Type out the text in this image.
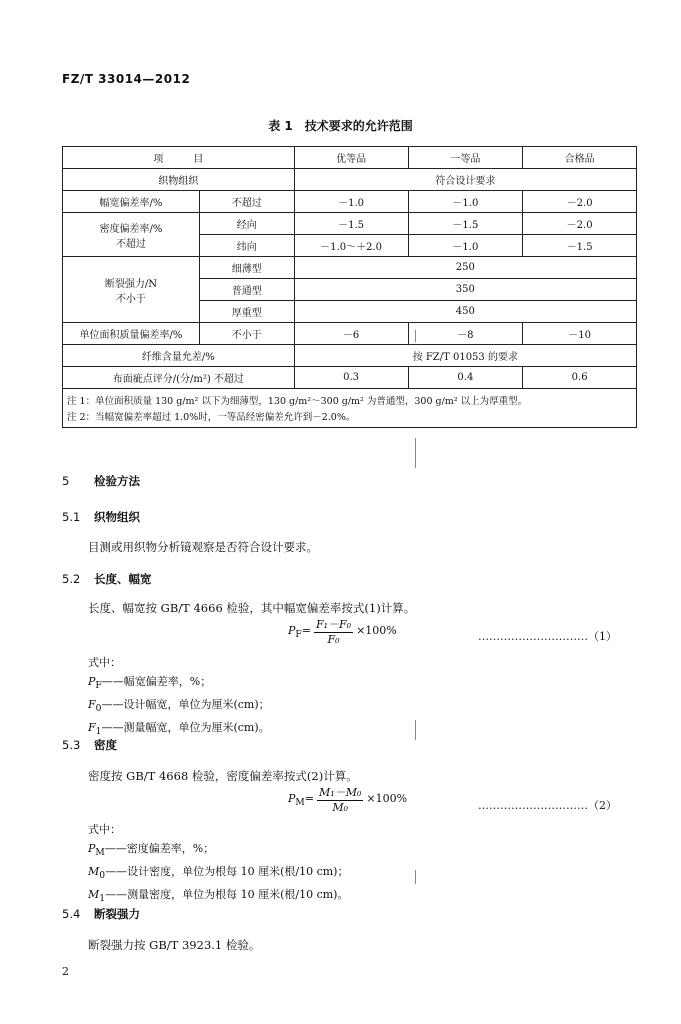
FZ/T 33014—2012
表 1　技术要求的允许范围
项　　　目		优等品	一等品	合格品
织物组织		符合设计要求		
幅宽偏差率/%	不超过	－1.0	－1.0	－2.0

密度偏差率/%
不超过	经向	－1.5	－1.5	－2.0
	纬向	－1.0～＋2.0	－1.0	－1.5

断裂强力/N
不小于	细薄型	250		
	普通型	350		
	厚重型	450		
单位面积质量偏差率/%	不小于	－6	－8	－10
纤维含量允差/%		按 FZ/T 01053 的要求		
布面疵点评分/(分/m²) 不超过		0.3	0.4	0.6
注 1：单位面积质量 130 g/m² 以下为细薄型，130 g/m²～300 g/m² 为普通型，300 g/m² 以上为厚重型。				
注 2：当幅宽偏差率超过 1.0%时，一等品经密偏差允许到－2.0%。				
5 检验方法
5.1 织物组织
目测或用织物分析镜观察是否符合设计要求。
5.2 长度、幅宽
长度、幅宽按 GB/T 4666 检验，其中幅宽偏差率按式(1)计算。
$P_F= \frac{\text{F₁－F₀}}{\text{F₀}} \times 100\%$	…………………………（1）
式中：
$P_F——$幅宽偏差率，%；
$F_0——$设计幅宽，单位为厘米(cm)；
$F_1——$测量幅宽，单位为厘米(cm)。
5.3 密度
密度按 GB/T 4668 检验，密度偏差率按式(2)计算。
$P_M= \frac{\text{M₁－M₀}}{\text{M₀}} \times 100\%$
…………………………（2）
式中：
$P_M——$密度偏差率，%；
$M_0——$设计密度，单位为根每 10 厘米(根/10 cm)；
$M_1——$测量密度，单位为根每 10 厘米(根/10 cm)。
5.4 断裂强力
断裂强力按 GB/T 3923.1 检验。
2
